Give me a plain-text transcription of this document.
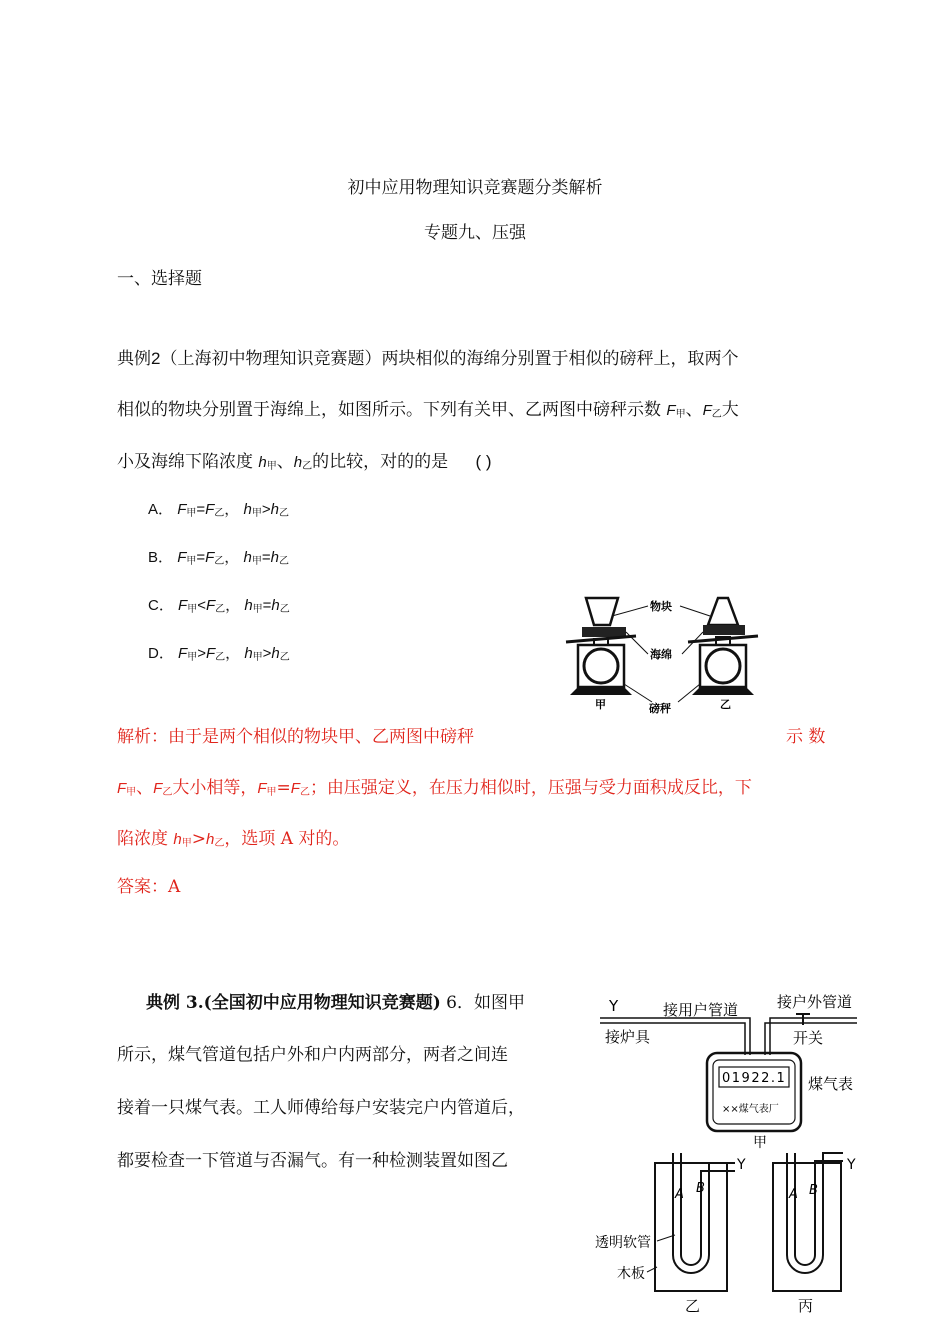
初中应用物理知识竞赛题分类解析
专题九、压强
一、选择题
典例2（上海初中物理知识竞赛题）两块相似的海绵分别置于相似的磅秤上，取两个
相似的物块分别置于海绵上，如图所示。下列有关甲、乙两图中磅秤示数 F甲、F乙大
小及海绵下陷浓度 h甲、h乙的比较，对的的是 ( )
A． F甲=F乙， h甲>h乙
B． F甲=F乙， h甲=h乙
C． F甲<F乙， h甲=h乙
D． F甲>F乙， h甲>h乙
物块
海绵
磅秤
甲	乙
解析：由于是两个相似的物块甲、乙两图中磅秤	示 数
F甲、F乙大小相等，F甲=F乙；由压强定义，在压力相似时，压强与受力面积成反比，下
陷浓度 h甲>h乙，选项 A 对的。
答案：A
典例 3.(全国初中应用物理知识竞赛题) 6．如图甲
所示，煤气管道包括户外和户内两部分，两者之间连
接着一只煤气表。工人师傅给每户安装完户内管道后，
都要检查一下管道与否漏气。有一种检测装置如图乙
Y	接用户管道	接户外管道
接炉具	开关
01922.1
××煤气表厂
煤气表
甲
Y
A B
透明软管
木板
乙
Y
A B
丙
